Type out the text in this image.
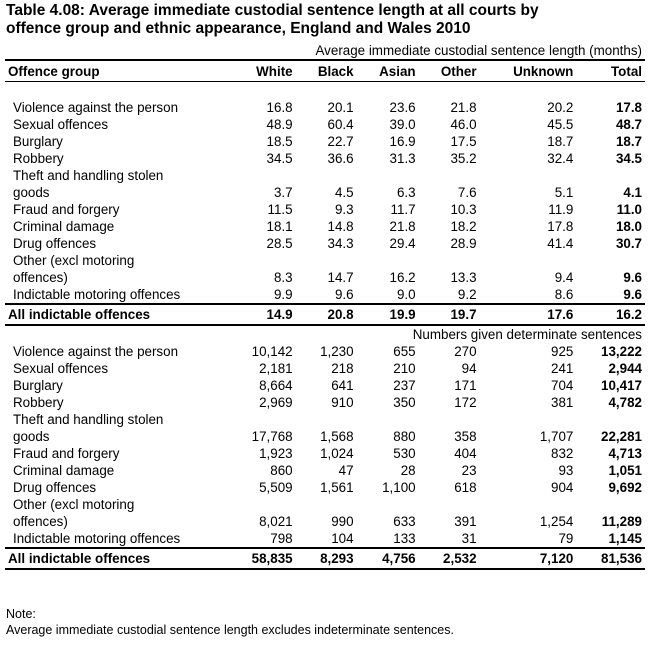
Table 4.08: Average immediate custodial sentence length at all courts by
offence group and ethnic appearance, England and Wales 2010
Average immediate custodial sentence length (months)						
Offence group	White	Black	Asian	Other	Unknown	Total

Violence against the person	16.8	20.1	23.6	21.8	20.2	17.8
Sexual offences	48.9	60.4	39.0	46.0	45.5	48.7
Burglary	18.5	22.7	16.9	17.5	18.7	18.7
Robbery	34.5	36.6	31.3	35.2	32.4	34.5
Theft and handling stolen						
goods	3.7	4.5	6.3	7.6	5.1	4.1
Fraud and forgery	11.5	9.3	11.7	10.3	11.9	11.0
Criminal damage	18.1	14.8	21.8	18.2	17.8	18.0
Drug offences	28.5	34.3	29.4	28.9	41.4	30.7
Other (excl motoring						
offences)	8.3	14.7	16.2	13.3	9.4	9.6
Indictable motoring offences	9.9	9.6	9.0	9.2	8.6	9.6
All indictable offences	14.9	20.8	19.9	19.7	17.6	16.2
Numbers given determinate sentences						
Violence against the person	10,142	1,230	655	270	925	13,222
Sexual offences	2,181	218	210	94	241	2,944
Burglary	8,664	641	237	171	704	10,417
Robbery	2,969	910	350	172	381	4,782
Theft and handling stolen						
goods	17,768	1,568	880	358	1,707	22,281
Fraud and forgery	1,923	1,024	530	404	832	4,713
Criminal damage	860	47	28	23	93	1,051
Drug offences	5,509	1,561	1,100	618	904	9,692
Other (excl motoring						
offences)	8,021	990	633	391	1,254	11,289
Indictable motoring offences	798	104	133	31	79	1,145
All indictable offences	58,835	8,293	4,756	2,532	7,120	81,536
Note:
Average immediate custodial sentence length excludes indeterminate sentences.
